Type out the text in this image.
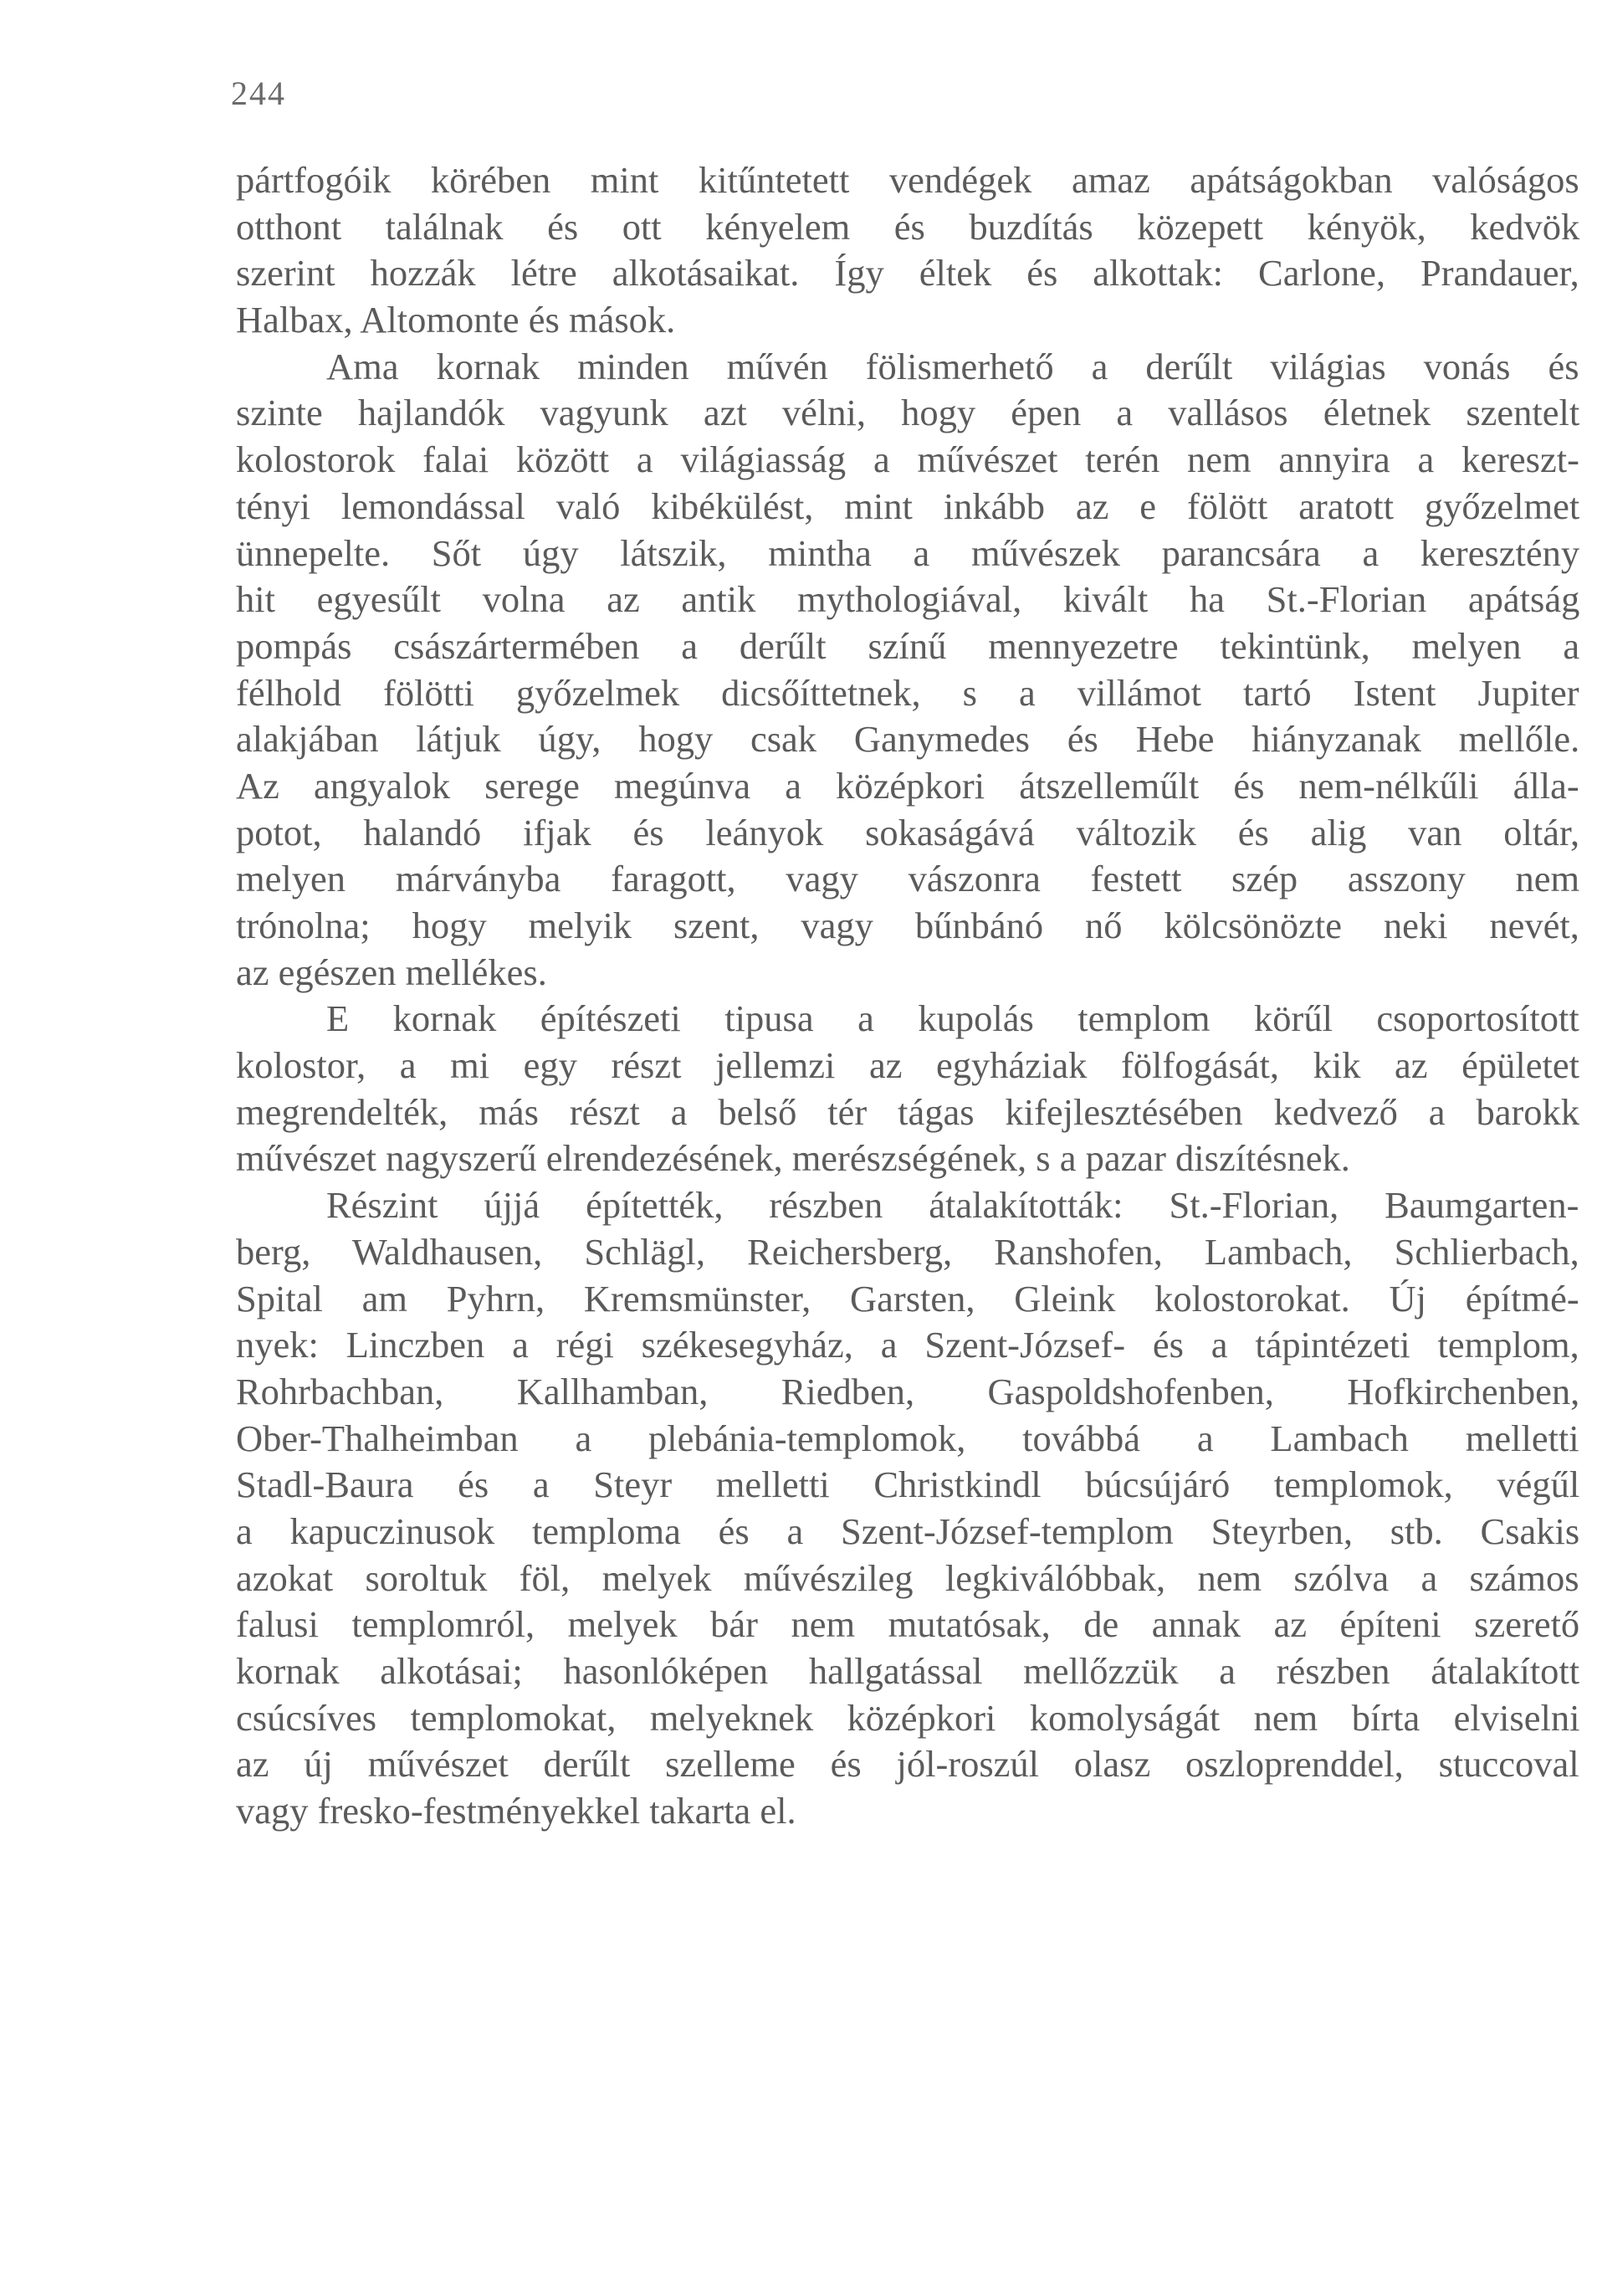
244
pártfogóik körében mint kitűntetett vendégek amaz apátságokban valóságos
otthont találnak és ott kényelem és buzdítás közepett kényök, kedvök
szerint hozzák létre alkotásaikat. Így éltek és alkottak: Carlone, Prandauer,
Halbax, Altomonte és mások.
Ama kornak minden művén fölismerhető a derűlt világias vonás és
szinte hajlandók vagyunk azt vélni, hogy épen a vallásos életnek szentelt
kolostorok falai között a világiasság a művészet terén nem annyira a kereszt-
tényi lemondással való kibékülést, mint inkább az e fölött aratott győzelmet
ünnepelte. Sőt úgy látszik, mintha a művészek parancsára a keresztény
hit egyesűlt volna az antik mythologiával, kivált ha St.-Florian apátság
pompás császártermében a derűlt színű mennyezetre tekintünk, melyen a
félhold fölötti győzelmek dicsőíttetnek, s a villámot tartó Istent Jupiter
alakjában látjuk úgy, hogy csak Ganymedes és Hebe hiányzanak mellőle.
Az angyalok serege megúnva a középkori átszelleműlt és nem-nélkűli álla-
potot, halandó ifjak és leányok sokaságává változik és alig van oltár,
melyen márványba faragott, vagy vászonra festett szép asszony nem
trónolna; hogy melyik szent, vagy bűnbánó nő kölcsönözte neki nevét,
az egészen mellékes.
E kornak építészeti tipusa a kupolás templom körűl csoportosított
kolostor, a mi egy részt jellemzi az egyháziak fölfogását, kik az épületet
megrendelték, más részt a belső tér tágas kifejlesztésében kedvező a barokk
művészet nagyszerű elrendezésének, merészségének, s a pazar diszítésnek.
Részint újjá építették, részben átalakították: St.-Florian, Baumgarten-
berg, Waldhausen, Schlägl, Reichersberg, Ranshofen, Lambach, Schlierbach,
Spital am Pyhrn, Kremsmünster, Garsten, Gleink kolostorokat. Új építmé-
nyek: Linczben a régi székesegyház, a Szent-József- és a tápintézeti templom,
Rohrbachban, Kallhamban, Riedben, Gaspoldshofenben, Hofkirchenben,
Ober-Thalheimban a plebánia-templomok, továbbá a Lambach melletti
Stadl-Baura és a Steyr melletti Christkindl búcsújáró templomok, végűl
a kapuczinusok temploma és a Szent-József-templom Steyrben, stb. Csakis
azokat soroltuk föl, melyek művészileg legkiválóbbak, nem szólva a számos
falusi templomról, melyek bár nem mutatósak, de annak az építeni szerető
kornak alkotásai; hasonlóképen hallgatással mellőzzük a részben átalakított
csúcsíves templomokat, melyeknek középkori komolyságát nem bírta elviselni
az új művészet derűlt szelleme és jól-roszúl olasz oszloprenddel, stuccoval
vagy fresko-festményekkel takarta el.
